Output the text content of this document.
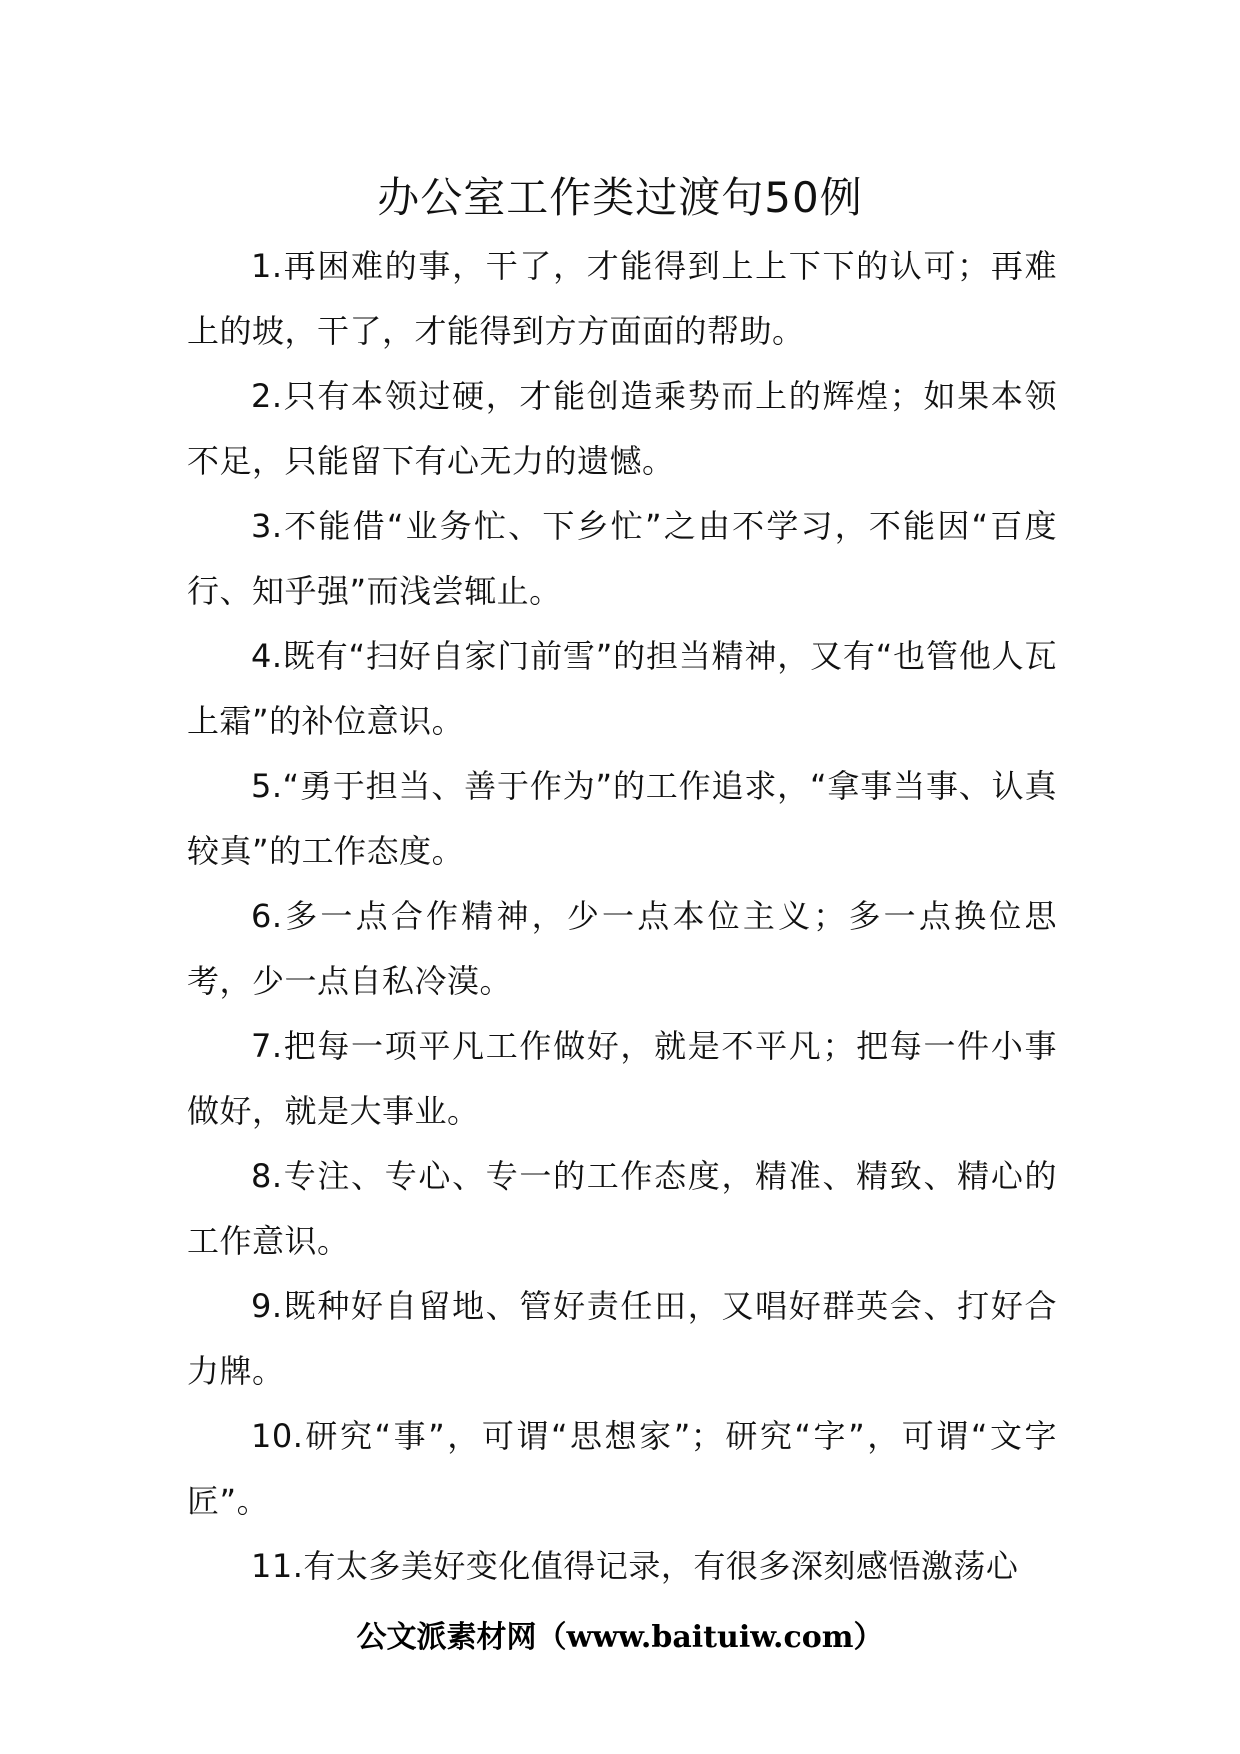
办公室工作类过渡句50例

1.再困难的事，干了，才能得到上上下下的认可；再难上的坡，干了，才能得到方方面面的帮助。

2.只有本领过硬，才能创造乘势而上的辉煌；如果本领不足，只能留下有心无力的遗憾。

3.不能借“业务忙、下乡忙”之由不学习，不能因“百度行、知乎强”而浅尝辄止。

4.既有“扫好自家门前雪”的担当精神，又有“也管他人瓦上霜”的补位意识。

5.“勇于担当、善于作为”的工作追求，“拿事当事、认真较真”的工作态度。

6.多一点合作精神，少一点本位主义；多一点换位思考，少一点自私冷漠。

7.把每一项平凡工作做好，就是不平凡；把每一件小事做好，就是大事业。

8.专注、专心、专一的工作态度，精准、精致、精心的工作意识。

9.既种好自留地、管好责任田，又唱好群英会、打好合力牌。

10.研究“事”，可谓“思想家”；研究“字”，可谓“文字匠”。

11.有太多美好变化值得记录，有很多深刻感悟激荡心

公文派素材网（www.baituiw.com）
